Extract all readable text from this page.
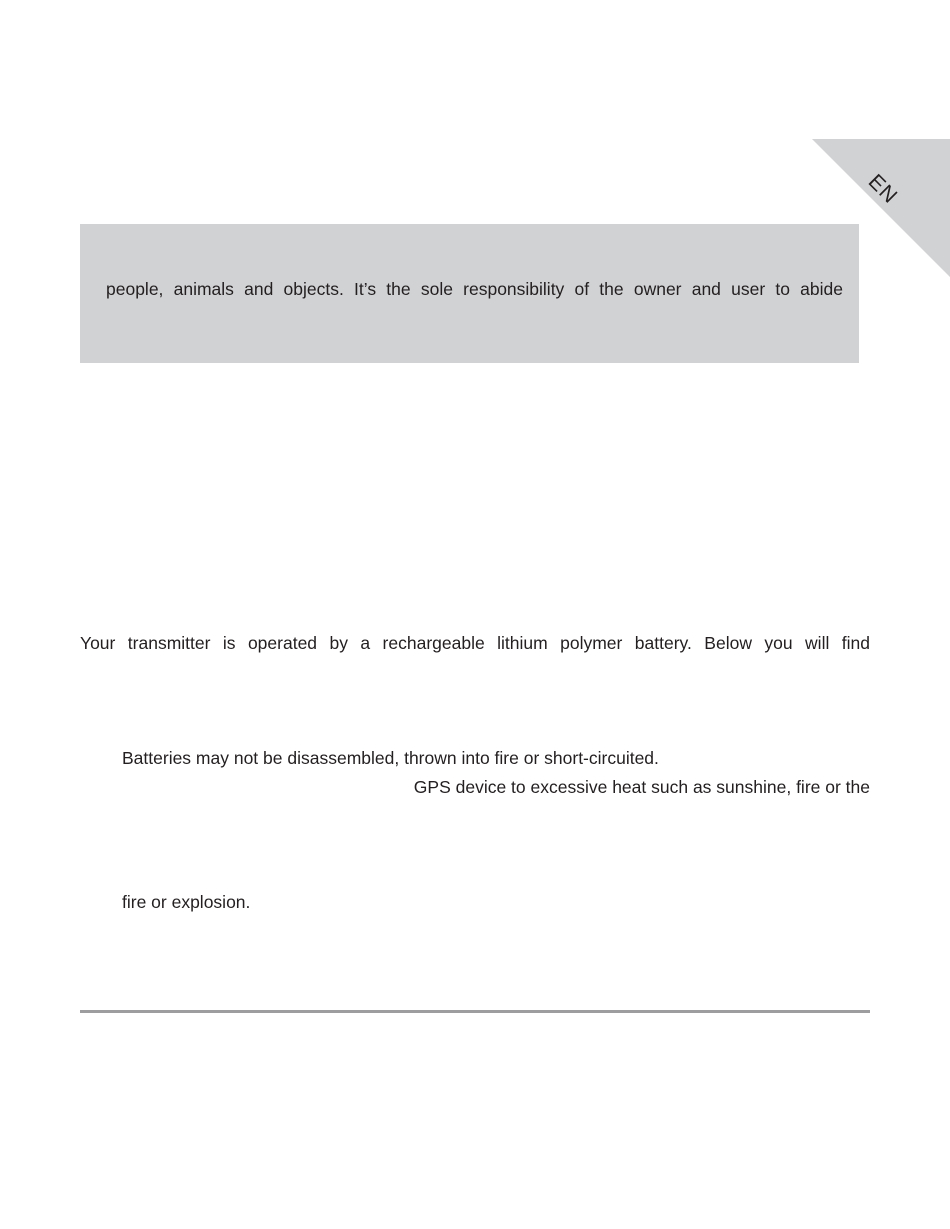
EN
people, animals and objects. It’s the sole responsibility of the owner and user to abide
Your transmitter is operated by a rechargeable lithium polymer battery. Below you will find
Batteries may not be disassembled, thrown into fire or short-circuited.
GPS device to excessive heat such as sunshine, fire or the
fire or explosion.
